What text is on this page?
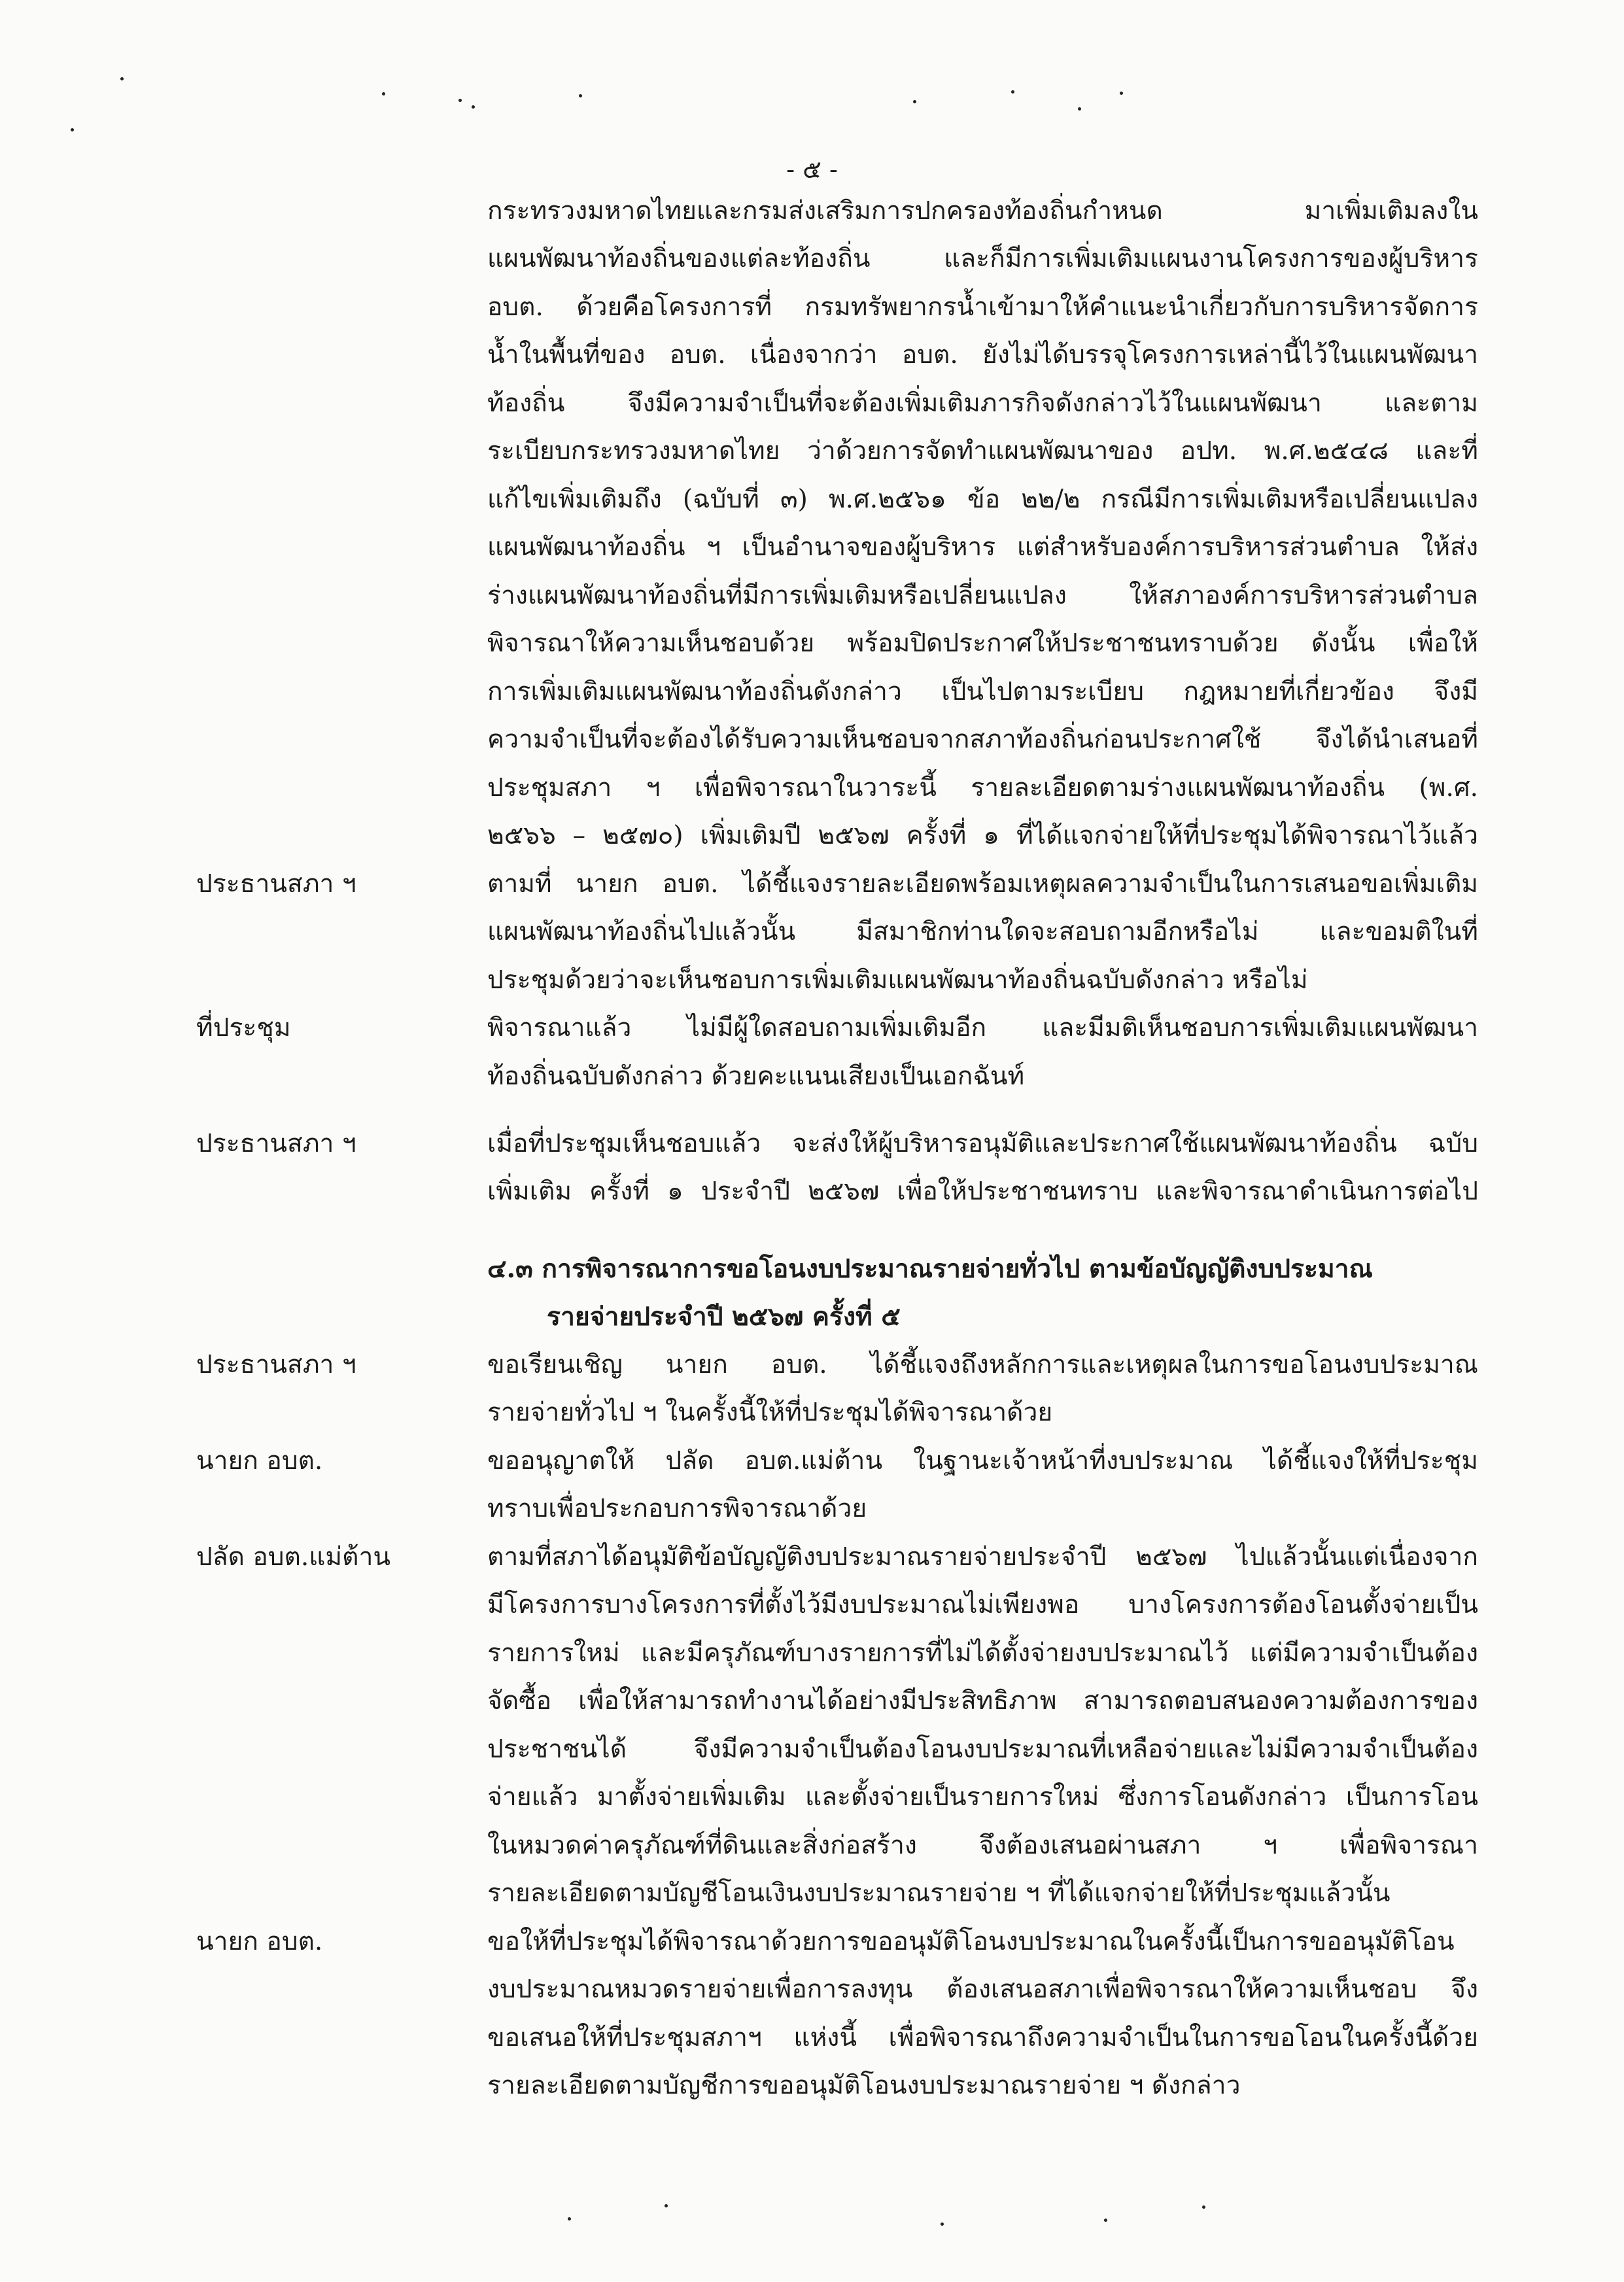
- ๕ -
กระทรวงมหาดไทยและกรมส่งเสริมการปกครองท้องถิ่นกำหนด มาเพิ่มเติมลงใน
แผนพัฒนาท้องถิ่นของแต่ละท้องถิ่น และก็มีการเพิ่มเติมแผนงานโครงการของผู้บริหาร
อบต. ด้วยคือโครงการที่ กรมทรัพยากรน้ำเข้ามาให้คำแนะนำเกี่ยวกับการบริหารจัดการ
น้ำในพื้นที่ของ อบต. เนื่องจากว่า อบต. ยังไม่ได้บรรจุโครงการเหล่านี้ไว้ในแผนพัฒนา
ท้องถิ่น จึงมีความจำเป็นที่จะต้องเพิ่มเติมภารกิจดังกล่าวไว้ในแผนพัฒนา และตาม
ระเบียบกระทรวงมหาดไทย ว่าด้วยการจัดทำแผนพัฒนาของ อปท. พ.ศ.๒๕๔๘ และที่
แก้ไขเพิ่มเติมถึง (ฉบับที่ ๓) พ.ศ.๒๕๖๑ ข้อ ๒๒/๒ กรณีมีการเพิ่มเติมหรือเปลี่ยนแปลง
แผนพัฒนาท้องถิ่น ฯ เป็นอำนาจของผู้บริหาร แต่สำหรับองค์การบริหารส่วนตำบล ให้ส่ง
ร่างแผนพัฒนาท้องถิ่นที่มีการเพิ่มเติมหรือเปลี่ยนแปลง ให้สภาองค์การบริหารส่วนตำบล
พิจารณาให้ความเห็นชอบด้วย พร้อมปิดประกาศให้ประชาชนทราบด้วย ดังนั้น เพื่อให้
การเพิ่มเติมแผนพัฒนาท้องถิ่นดังกล่าว เป็นไปตามระเบียบ กฎหมายที่เกี่ยวข้อง จึงมี
ความจำเป็นที่จะต้องได้รับความเห็นชอบจากสภาท้องถิ่นก่อนประกาศใช้ จึงได้นำเสนอที่
ประชุมสภา ฯ เพื่อพิจารณาในวาระนี้ รายละเอียดตามร่างแผนพัฒนาท้องถิ่น (พ.ศ.
๒๕๖๖ – ๒๕๗๐) เพิ่มเติมปี ๒๕๖๗ ครั้งที่ ๑ ที่ได้แจกจ่ายให้ที่ประชุมได้พิจารณาไว้แล้ว
ประธานสภา ฯ	ตามที่ นายก อบต. ได้ชี้แจงรายละเอียดพร้อมเหตุผลความจำเป็นในการเสนอขอเพิ่มเติม
แผนพัฒนาท้องถิ่นไปแล้วนั้น มีสมาชิกท่านใดจะสอบถามอีกหรือไม่ และขอมติในที่
ประชุมด้วยว่าจะเห็นชอบการเพิ่มเติมแผนพัฒนาท้องถิ่นฉบับดังกล่าว หรือไม่
ที่ประชุม	พิจารณาแล้ว ไม่มีผู้ใดสอบถามเพิ่มเติมอีก และมีมติเห็นชอบการเพิ่มเติมแผนพัฒนา
ท้องถิ่นฉบับดังกล่าว ด้วยคะแนนเสียงเป็นเอกฉันท์
ประธานสภา ฯ	เมื่อที่ประชุมเห็นชอบแล้ว จะส่งให้ผู้บริหารอนุมัติและประกาศใช้แผนพัฒนาท้องถิ่น ฉบับ
เพิ่มเติม ครั้งที่ ๑ ประจำปี ๒๕๖๗ เพื่อให้ประชาชนทราบ และพิจารณาดำเนินการต่อไป
๔.๓ การพิจารณาการขอโอนงบประมาณรายจ่ายทั่วไป ตามข้อบัญญัติงบประมาณ
รายจ่ายประจำปี ๒๕๖๗ ครั้งที่ ๕
ประธานสภา ฯ	ขอเรียนเชิญ นายก อบต. ได้ชี้แจงถึงหลักการและเหตุผลในการขอโอนงบประมาณ
รายจ่ายทั่วไป ฯ ในครั้งนี้ให้ที่ประชุมได้พิจารณาด้วย
นายก อบต.	ขออนุญาตให้ ปลัด อบต.แม่ต้าน ในฐานะเจ้าหน้าที่งบประมาณ ได้ชี้แจงให้ที่ประชุม
ทราบเพื่อประกอบการพิจารณาด้วย
ปลัด อบต.แม่ต้าน	ตามที่สภาได้อนุมัติข้อบัญญัติงบประมาณรายจ่ายประจำปี ๒๕๖๗ ไปแล้วนั้นแต่เนื่องจาก
มีโครงการบางโครงการที่ตั้งไว้มีงบประมาณไม่เพียงพอ บางโครงการต้องโอนตั้งจ่ายเป็น
รายการใหม่ และมีครุภัณฑ์บางรายการที่ไม่ได้ตั้งจ่ายงบประมาณไว้ แต่มีความจำเป็นต้อง
จัดซื้อ เพื่อให้สามารถทำงานได้อย่างมีประสิทธิภาพ สามารถตอบสนองความต้องการของ
ประชาชนได้ จึงมีความจำเป็นต้องโอนงบประมาณที่เหลือจ่ายและไม่มีความจำเป็นต้อง
จ่ายแล้ว มาตั้งจ่ายเพิ่มเติม และตั้งจ่ายเป็นรายการใหม่ ซึ่งการโอนดังกล่าว เป็นการโอน
ในหมวดค่าครุภัณฑ์ที่ดินและสิ่งก่อสร้าง จึงต้องเสนอผ่านสภา ฯ เพื่อพิจารณา
รายละเอียดตามบัญชีโอนเงินงบประมาณรายจ่าย ฯ ที่ได้แจกจ่ายให้ที่ประชุมแล้วนั้น
นายก อบต.	ขอให้ที่ประชุมได้พิจารณาด้วยการขออนุมัติโอนงบประมาณในครั้งนี้เป็นการขออนุมัติโอน
งบประมาณหมวดรายจ่ายเพื่อการลงทุน ต้องเสนอสภาเพื่อพิจารณาให้ความเห็นชอบ จึง
ขอเสนอให้ที่ประชุมสภาฯ แห่งนี้ เพื่อพิจารณาถึงความจำเป็นในการขอโอนในครั้งนี้ด้วย
รายละเอียดตามบัญชีการขออนุมัติโอนงบประมาณรายจ่าย ฯ ดังกล่าว
